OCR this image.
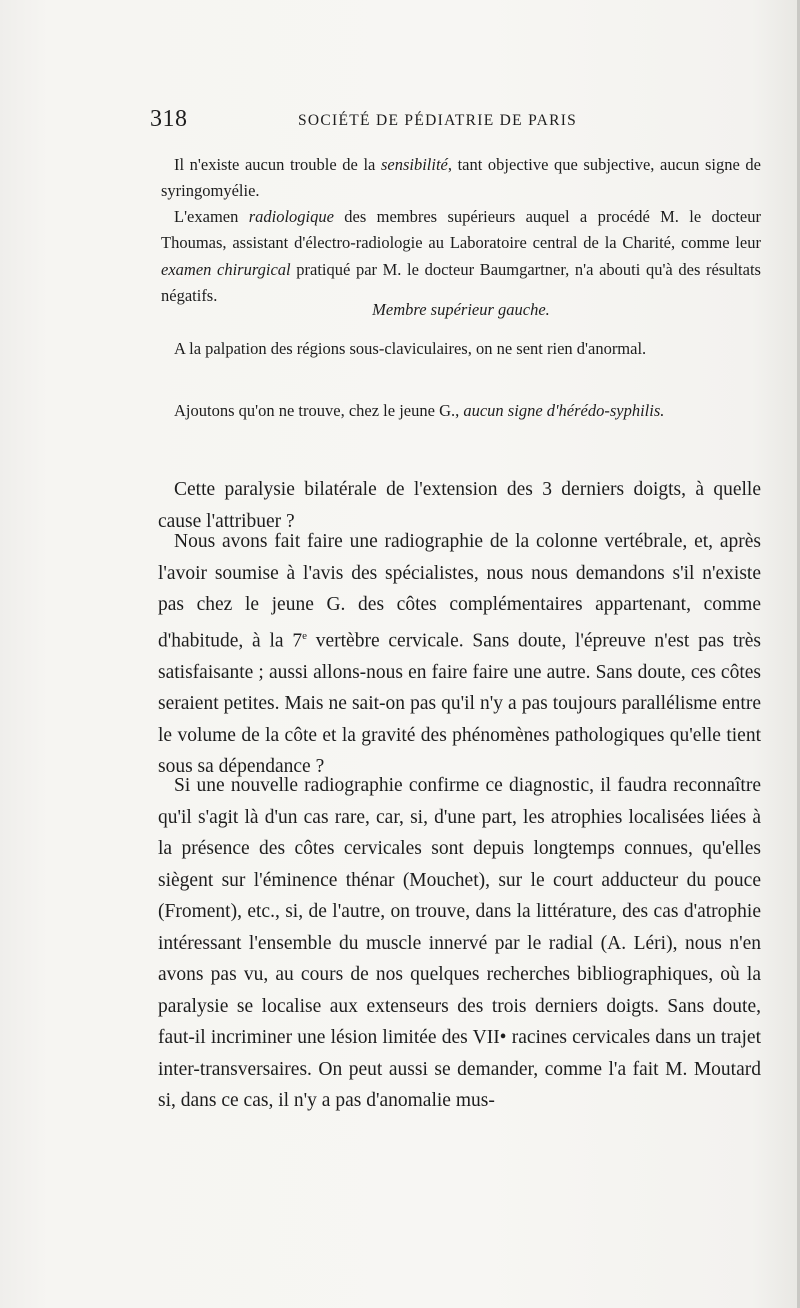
318	SOCIÉTÉ DE PÉDIATRIE DE PARIS

Il n'existe aucun trouble de la sensibilité, tant objective que subjective, aucun signe de syringomyélie.

L'examen radiologique des membres supérieurs auquel a procédé M. le docteur Thoumas, assistant d'électro-radiologie au Laboratoire central de la Charité, comme leur examen chirurgical pratiqué par M. le docteur Baumgartner, n'a abouti qu'à des résultats négatifs.

Membre supérieur gauche.

A la palpation des régions sous-claviculaires, on ne sent rien d'anormal.

Ajoutons qu'on ne trouve, chez le jeune G., aucun signe d'hérédo-syphilis.

Cette paralysie bilatérale de l'extension des 3 derniers doigts, à quelle cause l'attribuer ?

Nous avons fait faire une radiographie de la colonne vertébrale, et, après l'avoir soumise à l'avis des spécialistes, nous nous demandons s'il n'existe pas chez le jeune G. des côtes complémentaires appartenant, comme d'habitude, à la 7e vertèbre cervicale. Sans doute, l'épreuve n'est pas très satisfaisante ; aussi allons-nous en faire faire une autre. Sans doute, ces côtes seraient petites. Mais ne sait-on pas qu'il n'y a pas toujours parallélisme entre le volume de la côte et la gravité des phénomènes pathologiques qu'elle tient sous sa dépendance ?

Si une nouvelle radiographie confirme ce diagnostic, il faudra reconnaître qu'il s'agit là d'un cas rare, car, si, d'une part, les atrophies localisées liées à la présence des côtes cervicales sont depuis longtemps connues, qu'elles siègent sur l'éminence thénar (Mouchet), sur le court adducteur du pouce (Froment), etc., si, de l'autre, on trouve, dans la littérature, des cas d'atrophie intéressant l'ensemble du muscle innervé par le radial (A. Léri), nous n'en avons pas vu, au cours de nos quelques recherches bibliographiques, où la paralysie se localise aux extenseurs des trois derniers doigts. Sans doute, faut-il incriminer une lésion limitée des VII• racines cervicales dans un trajet inter-transversaires. On peut aussi se demander, comme l'a fait M. Moutard si, dans ce cas, il n'y a pas d'anomalie mus-
